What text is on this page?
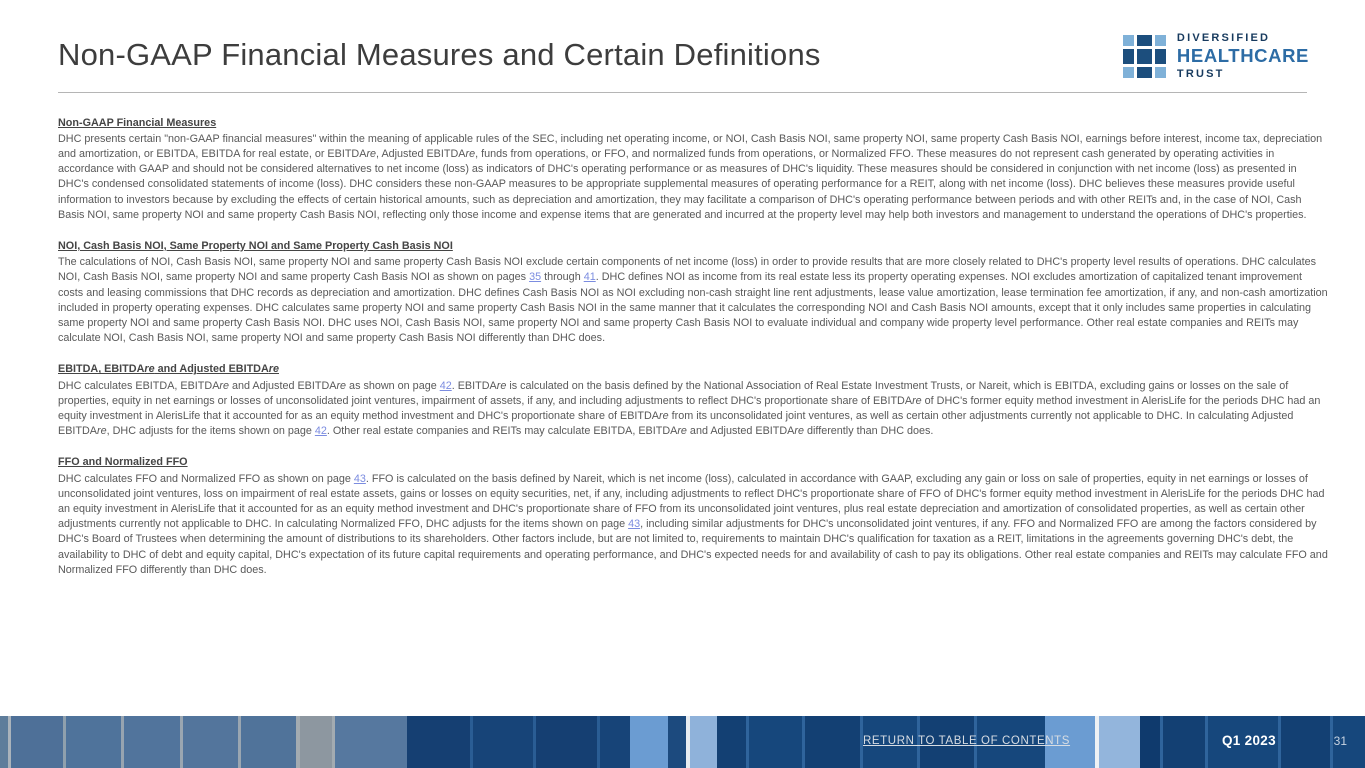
Non-GAAP Financial Measures and Certain Definitions	DIVERSIFIED
HEALTHCARE
TRUST
Non-GAAP Financial Measures

DHC presents certain "non-GAAP financial measures" within the meaning of applicable rules of the SEC, including net operating income, or NOI, Cash Basis NOI, same property NOI, same property Cash Basis NOI, earnings before interest, income tax, depreciation and amortization, or EBITDA, EBITDA for real estate, or EBITDAre, Adjusted EBITDAre, funds from operations, or FFO, and normalized funds from operations, or Normalized FFO. These measures do not represent cash generated by operating activities in accordance with GAAP and should not be considered alternatives to net income (loss) as indicators of DHC's operating performance or as measures of DHC's liquidity. These measures should be considered in conjunction with net income (loss) as presented in DHC's condensed consolidated statements of income (loss). DHC considers these non-GAAP measures to be appropriate supplemental measures of operating performance for a REIT, along with net income (loss). DHC believes these measures provide useful information to investors because by excluding the effects of certain historical amounts, such as depreciation and amortization, they may facilitate a comparison of DHC's operating performance between periods and with other REITs and, in the case of NOI, Cash Basis NOI, same property NOI and same property Cash Basis NOI, reflecting only those income and expense items that are generated and incurred at the property level may help both investors and management to understand the operations of DHC's properties.

NOI, Cash Basis NOI, Same Property NOI and Same Property Cash Basis NOI

The calculations of NOI, Cash Basis NOI, same property NOI and same property Cash Basis NOI exclude certain components of net income (loss) in order to provide results that are more closely related to DHC's property level results of operations. DHC calculates NOI, Cash Basis NOI, same property NOI and same property Cash Basis NOI as shown on pages 35 through 41. DHC defines NOI as income from its real estate less its property operating expenses. NOI excludes amortization of capitalized tenant improvement costs and leasing commissions that DHC records as depreciation and amortization. DHC defines Cash Basis NOI as NOI excluding non-cash straight line rent adjustments, lease value amortization, lease termination fee amortization, if any, and non-cash amortization included in property operating expenses. DHC calculates same property NOI and same property Cash Basis NOI in the same manner that it calculates the corresponding NOI and Cash Basis NOI amounts, except that it only includes same properties in calculating same property NOI and same property Cash Basis NOI. DHC uses NOI, Cash Basis NOI, same property NOI and same property Cash Basis NOI to evaluate individual and company wide property level performance. Other real estate companies and REITs may calculate NOI, Cash Basis NOI, same property NOI and same property Cash Basis NOI differently than DHC does.

EBITDA, EBITDAre and Adjusted EBITDAre

DHC calculates EBITDA, EBITDAre and Adjusted EBITDAre as shown on page 42. EBITDAre is calculated on the basis defined by the National Association of Real Estate Investment Trusts, or Nareit, which is EBITDA, excluding gains or losses on the sale of properties, equity in net earnings or losses of unconsolidated joint ventures, impairment of assets, if any, and including adjustments to reflect DHC's proportionate share of EBITDAre of DHC's former equity method investment in AlerisLife for the periods DHC had an equity investment in AlerisLife that it accounted for as an equity method investment and DHC's proportionate share of EBITDAre from its unconsolidated joint ventures, as well as certain other adjustments currently not applicable to DHC. In calculating Adjusted EBITDAre, DHC adjusts for the items shown on page 42. Other real estate companies and REITs may calculate EBITDA, EBITDAre and Adjusted EBITDAre differently than DHC does.

FFO and Normalized FFO

DHC calculates FFO and Normalized FFO as shown on page 43. FFO is calculated on the basis defined by Nareit, which is net income (loss), calculated in accordance with GAAP, excluding any gain or loss on sale of properties, equity in net earnings or losses of unconsolidated joint ventures, loss on impairment of real estate assets, gains or losses on equity securities, net, if any, including adjustments to reflect DHC's proportionate share of FFO of DHC's former equity method investment in AlerisLife for the periods DHC had an equity investment in AlerisLife that it accounted for as an equity method investment and DHC's proportionate share of FFO from its unconsolidated joint ventures, plus real estate depreciation and amortization of consolidated properties, as well as certain other adjustments currently not applicable to DHC. In calculating Normalized FFO, DHC adjusts for the items shown on page 43, including similar adjustments for DHC's unconsolidated joint ventures, if any. FFO and Normalized FFO are among the factors considered by DHC's Board of Trustees when determining the amount of distributions to its shareholders. Other factors include, but are not limited to, requirements to maintain DHC's qualification for taxation as a REIT, limitations in the agreements governing DHC's debt, the availability to DHC of debt and equity capital, DHC's expectation of its future capital requirements and operating performance, and DHC's expected needs for and availability of cash to pay its obligations. Other real estate companies and REITs may calculate FFO and Normalized FFO differently than DHC does.

RETURN TO TABLE OF CONTENTS	Q1 2023	31
